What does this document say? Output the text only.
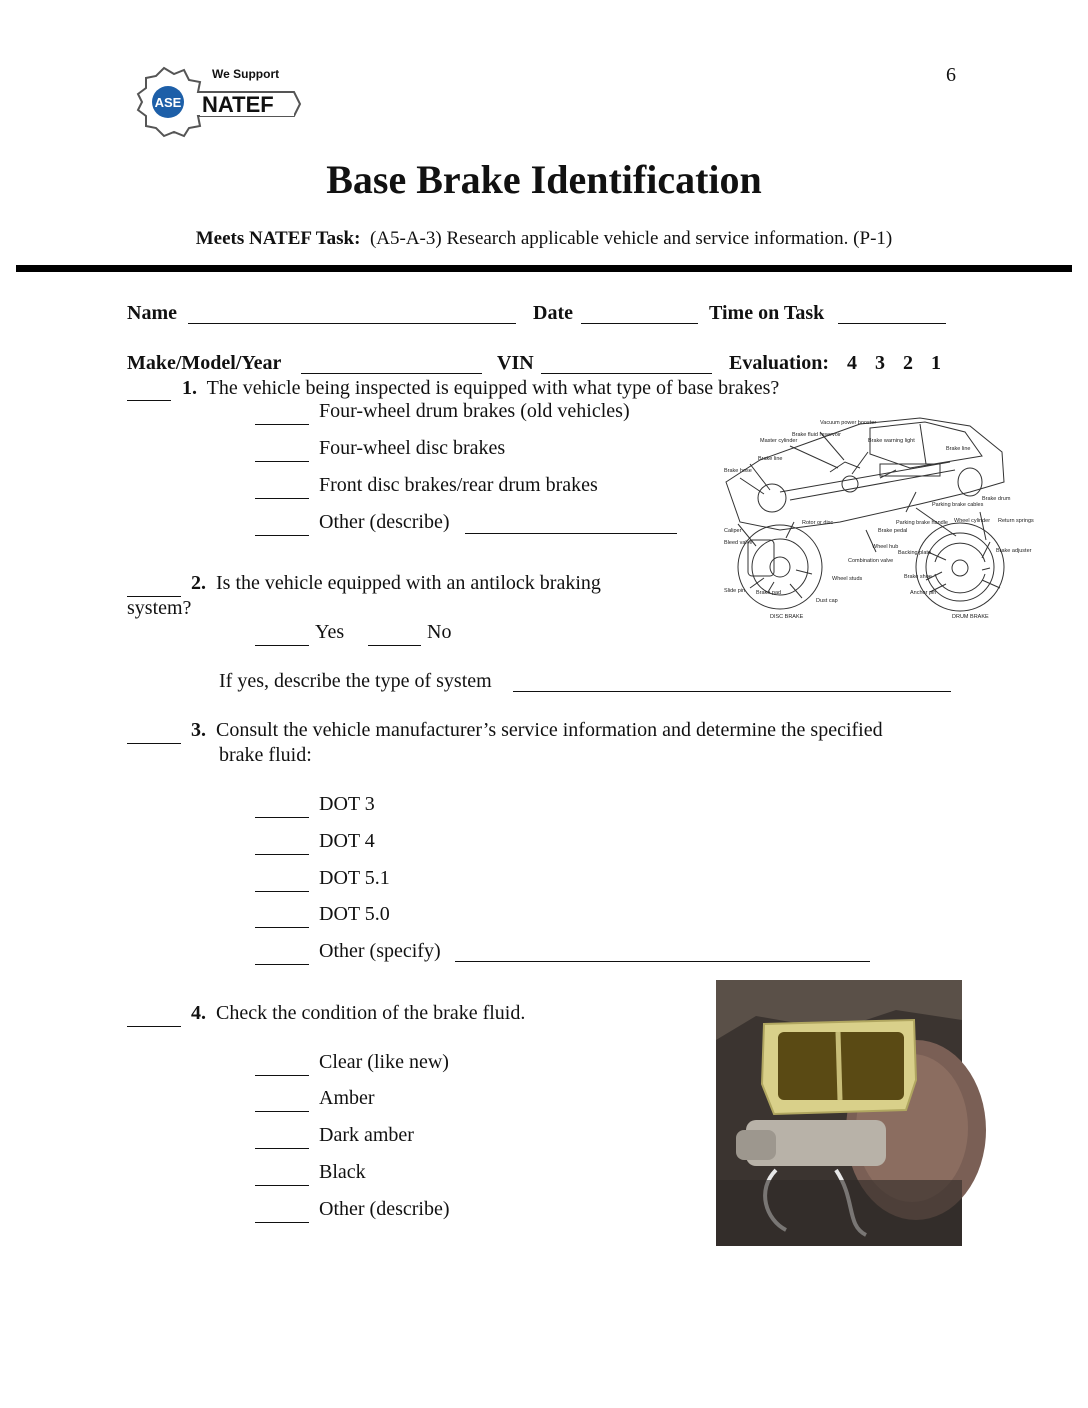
6
ASE
We Support
NATEF
Base Brake Identification
Meets NATEF Task: (A5-A-3) Research applicable vehicle and service information. (P-1)
Name	Date	Time on Task
Make/Model/Year	VIN	Evaluation: 4 3 2 1
1. The vehicle being inspected is equipped with what type of base brakes?
Four-wheel drum brakes (old vehicles)
Four-wheel disc brakes
Front disc brakes/rear drum brakes
Other (describe)
Vacuum power booster
Brake fluid reservoir
Brake warning light
Master cylinder
Brake line
Brake hose
Brake drum
Brake line
Caliper
Rotor or disc
Bleed valve
Brake pedal
Parking brake handle
Parking brake cables
Wheel cylinder Return springs
Combination valve
Wheel hub
Backing plate
Brake shoe
Brake adjuster
Anchor pin
Slide pin Brake pad
Dust cap
Wheel studs
DISC BRAKE	DRUM BRAKE
2. Is the vehicle equipped with an antilock braking
system?
Yes	No
If yes, describe the type of system
3. Consult the vehicle manufacturer’s service information and determine the specified
brake fluid:
DOT 3
DOT 4
DOT 5.1
DOT 5.0
Other (specify)
4. Check the condition of the brake fluid.
Clear (like new)
Amber
Dark amber
Black
Other (describe)
